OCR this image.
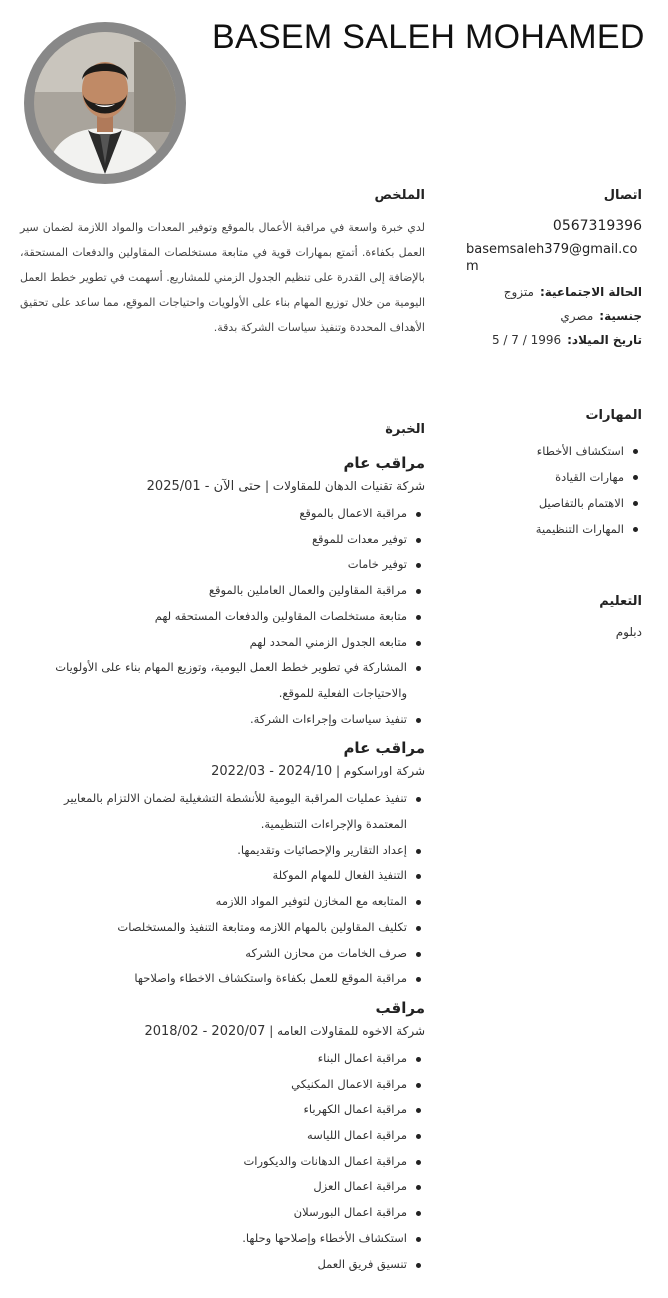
BASEM SALEH MOHAMED
اتصال
0567319396
basemsaleh379@gmail.co
m
الحالة الاجتماعية:متزوج
جنسية:مصري
تاريخ الميلاد:5 / 7 / 1996
المهارات
استكشاف الأخطاء
مهارات القيادة
الاهتمام بالتفاصيل
المهارات التنظيمية
التعليم
دبلوم
الملخص
لدي خبرة واسعة في مراقبة الأعمال بالموقع وتوفير المعدات والمواد اللازمة لضمان سير العمل بكفاءة. أتمتع بمهارات قوية في متابعة مستخلصات المقاولين والدفعات المستحقة، بالإضافة إلى القدرة على تنظيم الجدول الزمني للمشاريع. أسهمت في تطوير خطط العمل اليومية من خلال توزيع المهام بناء على الأولويات واحتياجات الموقع، مما ساعد على تحقيق الأهداف المحددة وتنفيذ سياسات الشركة بدقة.
الخبرة
مراقب عام
شركة تقنيات الدهان للمقاولات | 2025/01 - حتى الآن
مراقبة الاعمال بالموقع
توفير معدات للموقع
توفير خامات
مراقبة المقاولين والعمال العاملين بالموقع
متابعة مستخلصات المقاولين والدفعات المستحقه لهم
متابعه الجدول الزمني المحدد لهم
المشاركة في تطوير خطط العمل اليومية، وتوزيع المهام بناء على الأولويات والاحتياجات الفعلية للموقع.
تنفيذ سياسات وإجراءات الشركة.
مراقب عام
شركة اوراسكوم | 2022/03 - 2024/10
تنفيذ عمليات المراقبة اليومية للأنشطة التشغيلية لضمان الالتزام بالمعايير المعتمدة والإجراءات التنظيمية.
إعداد التقارير والإحصائيات وتقديمها.
التنفيذ الفعال للمهام الموكلة
المتابعه مع المخازن لتوفير المواد اللازمه
تكليف المقاولين بالمهام اللازمه ومتابعة التنفيذ والمستخلصات
صرف الخامات من محازن الشركه
مراقبة الموقع للعمل بكفاءة واستكشاف الاخطاء واصلاحها
مراقب
شركة الاخوه للمقاولات العامه | 2018/02 - 2020/07
مراقبة اعمال البناء
مراقبة الاعمال المكنيكي
مراقبة اعمال الكهرباء
مراقبة اعمال اللياسه
مراقبة اعمال الدهانات والديكورات
مراقبة اعمال العزل
مراقبة اعمال البورسلان
استكشاف الأخطاء وإصلاحها وحلها.
تنسيق فريق العمل
